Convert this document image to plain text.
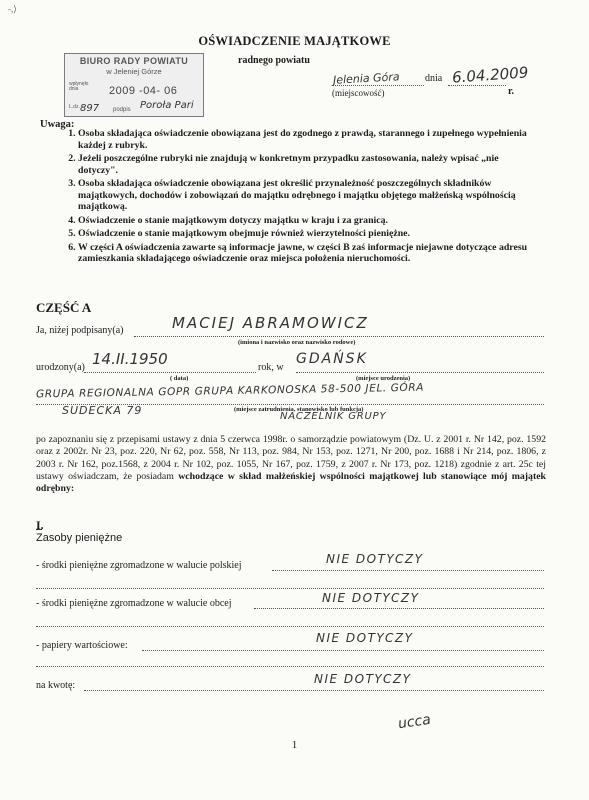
-,⟩
OŚWIADCZENIE MAJĄTKOWE
radnego powiatu
BIURO RADY POWIATU
w Jeleniej Górze
wpłynęło dnia	2009 -04- 06
L.dz.	podpis
897	Poroła Pari
Jelenia Góra	dnia 6.04.2009
r.
(miejscowość)
Uwaga:
1. Osoba składająca oświadczenie obowiązana jest do zgodnego z prawdą, starannego i zupełnego wypełnienia każdej z rubryk.
2. Jeżeli poszczególne rubryki nie znajdują w konkretnym przypadku zastosowania, należy wpisać „nie dotyczy".
3. Osoba składająca oświadczenie obowiązana jest określić przynależność poszczególnych składników majątkowych, dochodów i zobowiązań do majątku odrębnego i majątku objętego małżeńską wspólnością majątkową.
4. Oświadczenie o stanie majątkowym dotyczy majątku w kraju i za granicą.
5. Oświadczenie o stanie majątkowym obejmuje również wierzytelności pieniężne.
6. W części A oświadczenia zawarte są informacje jawne, w części B zaś informacje niejawne dotyczące adresu zamieszkania składającego oświadczenie oraz miejsca położenia nieruchomości.
CZĘŚĆ A
Ja, niżej podpisany(a)	MACIEJ ABRAMOWICZ
(imiona i nazwisko oraz nazwisko rodowe)
urodzony(a) 14.II.1950
( data)
rok, w
GDAŃSK
(miejsce urodzenia)
GRUPA REGIONALNA GOPR GRUPA KARKONOSKA 58-500 JEL. GÓRA
SUDECKA 79	(miejsce zatrudnienia, stanowisko lub funkcja)
NACZELNIK GRUPY
po zapoznaniu się z przepisami ustawy z dnia 5 czerwca 1998r. o samorządzie powiatowym (Dz. U. z 2001 r. Nr 142, poz. 1592 oraz z 2002r. Nr 23, poz. 220, Nr 62, poz. 558, Nr 113, poz. 984, Nr 153, poz. 1271, Nr 200, poz. 1688 i Nr 214, poz. 1806, z 2003 r. Nr 162, poz.1568, z 2004 r. Nr 102, poz. 1055, Nr 167, poz. 1759, z 2007 r. Nr 173, poz. 1218) zgodnie z art. 25c tej ustawy oświadczam, że posiadam wchodzące w skład małżeńskiej wspólności majątkowej lub stanowiące mój majątek odrębny:
I.
Zasoby pieniężne
- środki pieniężne zgromadzone w walucie polskiej	NIE DOTYCZY
- środki pieniężne zgromadzone w walucie obcej	NIE DOTYCZY
- papiery wartościowe:
NIE DOTYCZY
na kwotę:	NIE DOTYCZY
ucca
1
